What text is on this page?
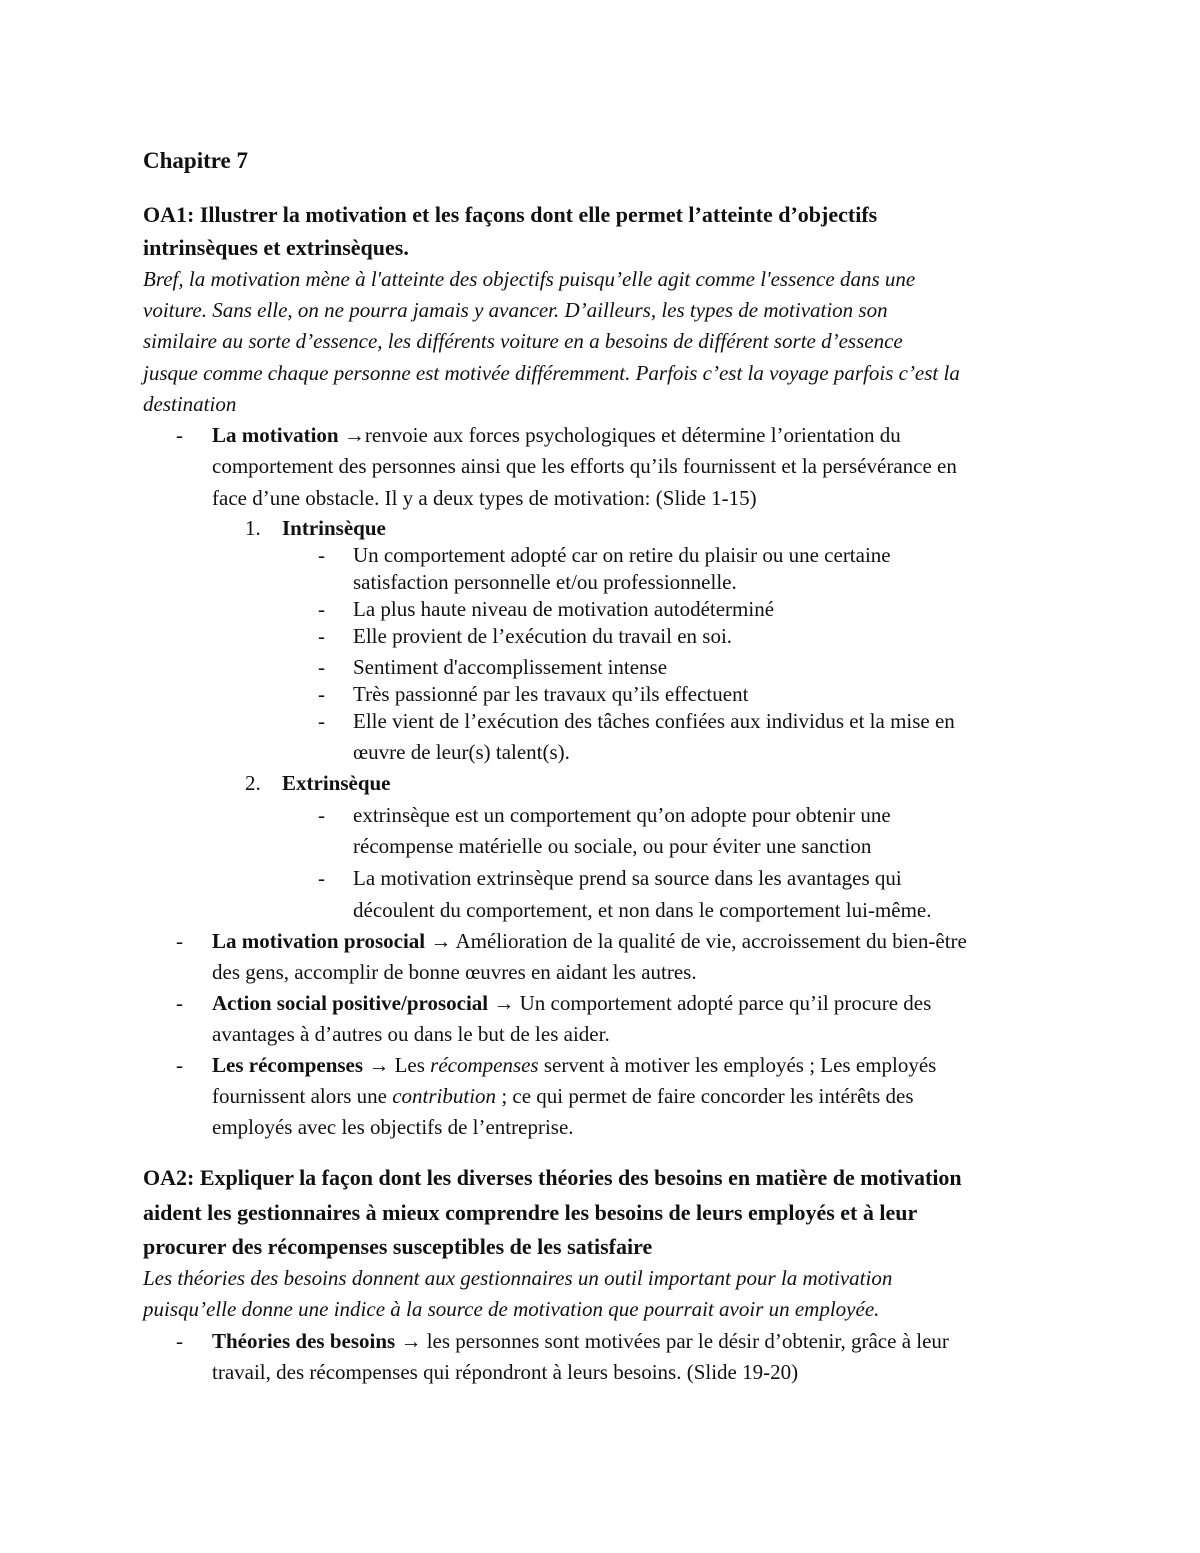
Chapitre 7
OA1: Illustrer la motivation et les façons dont elle permet l’atteinte d’objectifs
intrinsèques et extrinsèques.
Bref, la motivation mène à l'atteinte des objectifs puisqu’elle agit comme l'essence dans une
voiture. Sans elle, on ne pourra jamais y avancer. D’ailleurs, les types de motivation son
similaire au sorte d’essence, les différents voiture en a besoins de différent sorte d’essence
jusque comme chaque personne est motivée différemment. Parfois c’est la voyage parfois c’est la
destination
- La motivation →renvoie aux forces psychologiques et détermine l’orientation du
comportement des personnes ainsi que les efforts qu’ils fournissent et la persévérance en
face d’une obstacle. Il y a deux types de motivation: (Slide 1-15)
1. Intrinsèque
- Un comportement adopté car on retire du plaisir ou une certaine
satisfaction personnelle et/ou professionnelle.
- La plus haute niveau de motivation autodéterminé
- Elle provient de l’exécution du travail en soi.
- Sentiment d'accomplissement intense
- Très passionné par les travaux qu’ils effectuent
- Elle vient de l’exécution des tâches confiées aux individus et la mise en
œuvre de leur(s) talent(s).
2. Extrinsèque
- extrinsèque est un comportement qu’on adopte pour obtenir une
récompense matérielle ou sociale, ou pour éviter une sanction
- La motivation extrinsèque prend sa source dans les avantages qui
découlent du comportement, et non dans le comportement lui-même.
- La motivation prosocial → Amélioration de la qualité de vie, accroissement du bien-être
des gens, accomplir de bonne œuvres en aidant les autres.
- Action social positive/prosocial → Un comportement adopté parce qu’il procure des
avantages à d’autres ou dans le but de les aider.
- Les récompenses → Les récompenses servent à motiver les employés ; Les employés
fournissent alors une contribution ; ce qui permet de faire concorder les intérêts des
employés avec les objectifs de l’entreprise.
OA2: Expliquer la façon dont les diverses théories des besoins en matière de motivation
aident les gestionnaires à mieux comprendre les besoins de leurs employés et à leur
procurer des récompenses susceptibles de les satisfaire
Les théories des besoins donnent aux gestionnaires un outil important pour la motivation
puisqu’elle donne une indice à la source de motivation que pourrait avoir un employée.
- Théories des besoins → les personnes sont motivées par le désir d’obtenir, grâce à leur
travail, des récompenses qui répondront à leurs besoins. (Slide 19-20)
